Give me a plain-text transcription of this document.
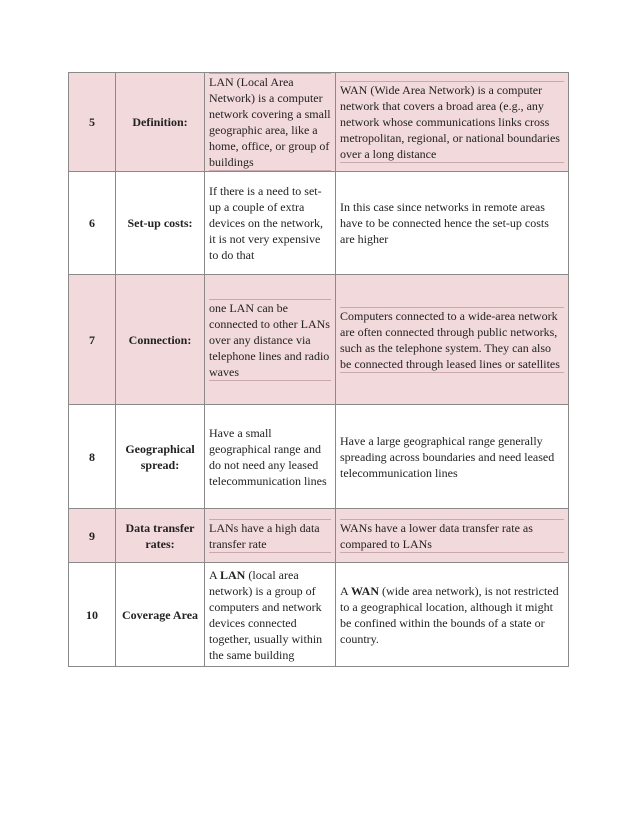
5	Definition:	LAN (Local Area Network) is a computer network covering a small geographic area, like a home, office, or group of buildings	WAN (Wide Area Network) is a computer network that covers a broad area (e.g., any network whose communications links cross metropolitan, regional, or national boundaries over a long distance

6	Set-up costs:	If there is a need to set-up a couple of extra devices on the network, it is not very expensive to do that	In this case since networks in remote areas have to be connected hence the set-up costs are higher

7	Connection:	one LAN can be connected to other LANs over any distance via telephone lines and radio waves	Computers connected to a wide-area network are often connected through public networks, such as the telephone system. They can also be connected through leased lines or satellites

8	Geographical spread:	Have a small geographical range and do not need any leased telecommunication lines	Have a large geographical range generally spreading across boundaries and need leased telecommunication lines

9	Data transfer rates:	LANs have a high data transfer rate	WANs have a lower data transfer rate as compared to LANs

10	Coverage Area	A LAN (local area network) is a group of computers and network devices connected together, usually within the same building	A WAN (wide area network), is not restricted to a geographical location, although it might be confined within the bounds of a state or country.
